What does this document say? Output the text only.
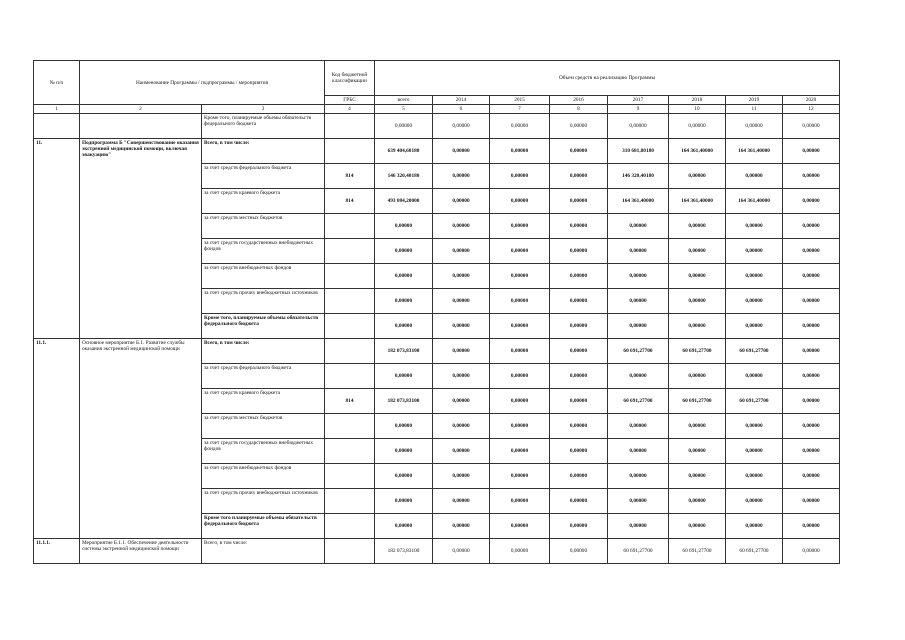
№ п/п	Наименование Программы / подпрограммы / мероприятия		Код бюджетной классификации	Объем средств на реализацию Программы							
			ГРБС	всего	2014	2015	2016	2017	2018	2019	2020
1	2	3	4	5	6	7	8	9	10	11	12
		Кроме того, планируемые объемы обязательств федерального бюджета		0,00000	0,00000	0,00000	0,00000	0,00000	0,00000	0,00000	0,00000
11.	Подпрограмма Б "Совершенствование оказания экстренной медицинской помощи, включая эвакуацию"	Всего, в том числе:		639 404,60180	0,00000	0,00000	0,00000	310 681,80180	164 361,40000	164 361,40000	0,00000
		за счет средств федерального бюджета	814	146 320,40180	0,00000	0,00000	0,00000	146 320,40180	0,00000	0,00000	0,00000
		за счет средств краевого бюджета	814	493 084,20000	0,00000	0,00000	0,00000	164 361,40000	164 361,40000	164 361,40000	0,00000
		за счет средств местных бюджетов		0,00000	0,00000	0,00000	0,00000	0,00000	0,00000	0,00000	0,00000
		за счет средств государственных внебюджетных фондов		0,00000	0,00000	0,00000	0,00000	0,00000	0,00000	0,00000	0,00000
		за счет средств внебюджетных фондов		0,00000	0,00000	0,00000	0,00000	0,00000	0,00000	0,00000	0,00000
		за счет средств прочих внебюджетных источников		0,00000	0,00000	0,00000	0,00000	0,00000	0,00000	0,00000	0,00000
		Кроме того, планируемые объемы обязательств федерального бюджета		0,00000	0,00000	0,00000	0,00000	0,00000	0,00000	0,00000	0,00000
11.1.	Основное мероприятие Б.1. Развитие службы оказания экстренной медицинской помощи	Всего, в том числе:		182 073,83100	0,00000	0,00000	0,00000	60 691,27700	60 691,27700	60 691,27700	0,00000
		за счет средств федерального бюджета		0,00000	0,00000	0,00000	0,00000	0,00000	0,00000	0,00000	0,00000
		за счет средств краевого бюджета	814	182 073,83100	0,00000	0,00000	0,00000	60 691,27700	60 691,27700	60 691,27700	0,00000
		за счет средств местных бюджетов		0,00000	0,00000	0,00000	0,00000	0,00000	0,00000	0,00000	0,00000
		за счет средств государственных внебюджетных фондов		0,00000	0,00000	0,00000	0,00000	0,00000	0,00000	0,00000	0,00000
		за счет средств внебюджетных фондов		0,00000	0,00000	0,00000	0,00000	0,00000	0,00000	0,00000	0,00000
		за счет средств прочих внебюджетных источников		0,00000	0,00000	0,00000	0,00000	0,00000	0,00000	0,00000	0,00000
		Кроме того планируемые объемы обязательств федерального бюджета		0,00000	0,00000	0,00000	0,00000	0,00000	0,00000	0,00000	0,00000
11.1.1.	Мероприятие Б.1.1. Обеспечение деятельности системы экстренной медицинской помощи	Всего, в том числе:		182 073,83100	0,00000	0,00000	0,00000	60 691,27700	60 691,27700	60 691,27700	0,00000
